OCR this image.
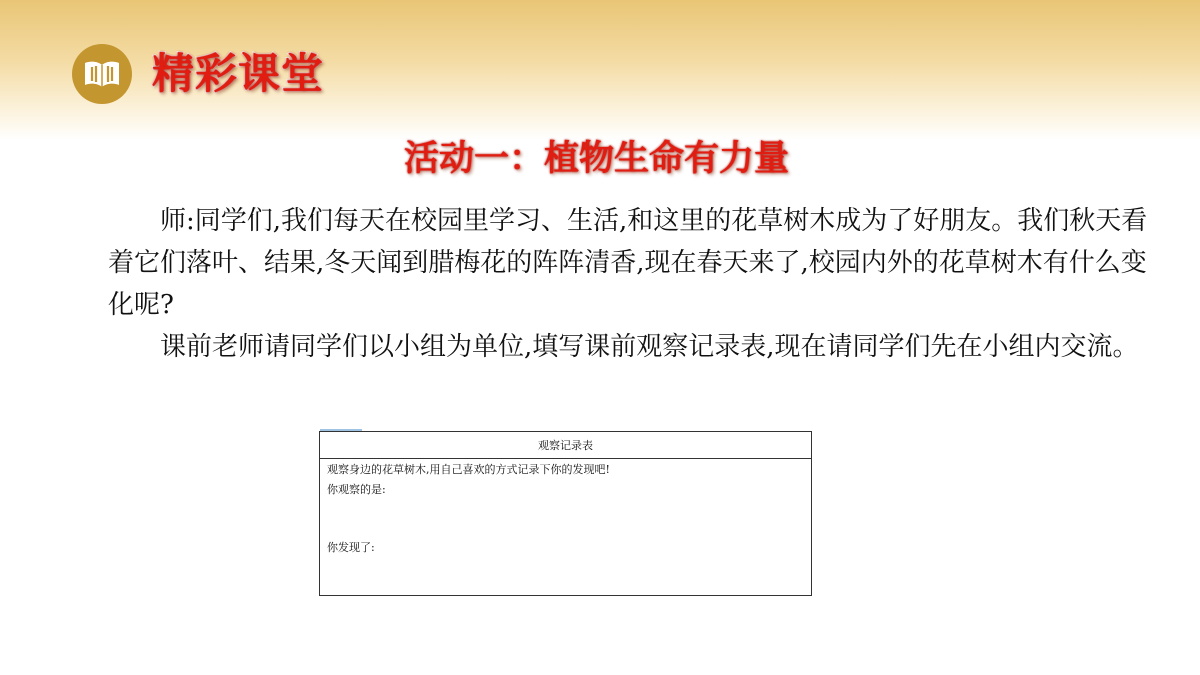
精彩课堂
活动一：植物生命有力量

师:同学们,我们每天在校园里学习、生活,和这里的花草树木成为了好朋友。我们秋天看着它们落叶、结果,冬天闻到腊梅花的阵阵清香,现在春天来了,校园内外的花草树木有什么变化呢?

课前老师请同学们以小组为单位,填写课前观察记录表,现在请同学们先在小组内交流。

观察记录表
观察身边的花草树木,用自己喜欢的方式记录下你的发现吧!
你观察的是:
你发现了:
